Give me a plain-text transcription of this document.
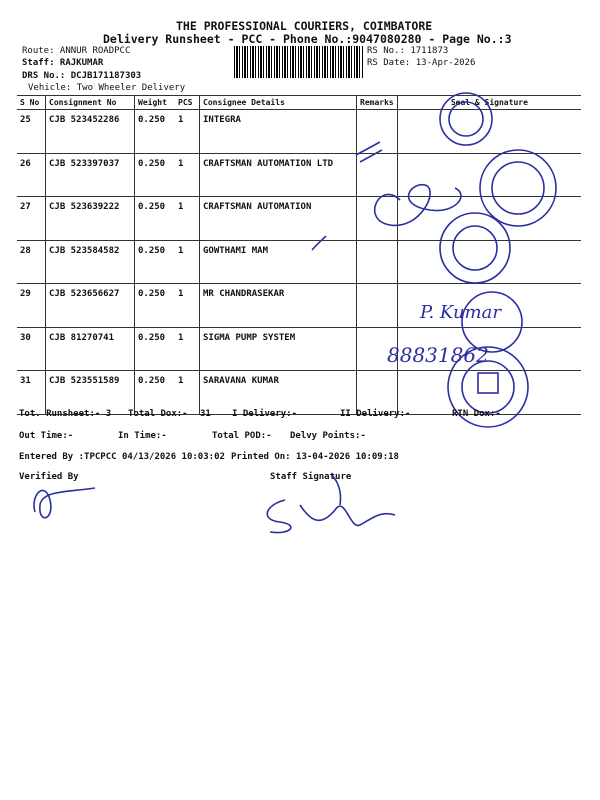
THE PROFESSIONAL COURIERS, COIMBATORE
Delivery Runsheet - PCC - Phone No.:9047080280 - Page No.:3
Route: ANNUR ROADPCC
Staff: RAJKUMAR
DRS No.: DCJB171187303
Vehicle: Two Wheeler Delivery
RS No.: 1711873
RS Date: 13-Apr-2026
S No	Consignment No	Weight	PCS	Consignee Details	Remarks	Seal & Signature
25	CJB 523452286	0.250	1	INTEGRA		
26	CJB 523397037	0.250	1	CRAFTSMAN AUTOMATION LTD		
27	CJB 523639222	0.250	1	CRAFTSMAN AUTOMATION		
28	CJB 523584582	0.250	1	GOWTHAMI MAM		
29	CJB 523656627	0.250	1	MR CHANDRASEKAR		
30	CJB 81270741	0.250	1	SIGMA PUMP SYSTEM		
31	CJB 523551589	0.250	1	SARAVANA KUMAR		
P. Kumar
88831862
Tot. Runsheet:- 3 Total Dox:- 31 I Delivery:-	II Delivery:-	RTN Dox:-
Out Time:-	In Time:-	Total POD:- Delvy Points:-
Entered By :TPCPCC 04/13/2026 10:03:02 Printed On: 13-04-2026 10:09:18
Verified By	Staff Signature
